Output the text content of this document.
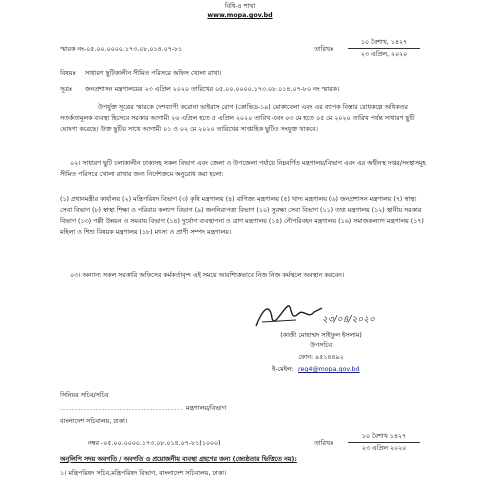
বিধি-৪ শাখা
www.mopa.gov.bd
স্মারক নং-০৫.০০.০০০০.১৭৩.০৮.০১৪.০৭-৮১	তারিখঃ
১০ বৈশাখ, ১৪২৭
২৩ এপ্রিল, ২০২০
বিষয়ঃ সাধারণ ছুটিকালীন সীমিত পরিসরে অফিস খোলা রাখা।
সূত্রঃ জনপ্রশাসন মন্ত্রণালয়ের ২৩ এপ্রিল ২০২০ তারিখের ০৫.০০.০০০০.১৭৩.০৮.০১৪.০৭-৮০ নং স্মারক।
উপর্যুক্ত সূত্রের স্মারকে দেশব্যাপী করোনা ভাইরাস রোগ (কোভিড-১৯) মোকাবেলা এবং এর ব্যাপক বিস্তার রোধকল্পে অধিকতর সতর্কতামূলক ব্যবস্থা হিসেবে সরকার আগামী ২৬ এপ্রিল হতে ৫ এপ্রিল ২০২০ তারিখ এবং ০৩ মে হতে ০৫ মে ২০২০ তারিখ পর্যন্ত সাধারণ ছুটি ঘোষণা করেছে। উক্ত ছুটির সাথে আগামী ০১ ও ০২ মে ২০২০ তারিখের সাপ্তাহিক ছুটিও সংযুক্ত থাকবে।
০২। সাধারণ ছুটি চলাকালীন ঢাকাসহ সকল বিভাগ এবং জেলা ও উপজেলা পর্যায়ে নিম্নবর্ণিত মন্ত্রণালয়/বিভাগ এবং এর অধীনস্থ দপ্তর/সংস্থাসমূহ সীমিত পরিসরে খোলা রাখার জন্য নির্দেশক্রমে অনুরোধ করা হলো:
(১) প্রধানমন্ত্রীর কার্যালয় (২) মন্ত্রিপরিষদ বিভাগ (৩) কৃষি মন্ত্রণালয় (৪) বাণিজ্য মন্ত্রণালয় (৫) খাদ্য মন্ত্রণালয় (৬) জনপ্রশাসন মন্ত্রণালয় (৭) স্বাস্থ্য সেবা বিভাগ (৮) স্বাস্থ্য শিক্ষা ও পরিবার কল্যাণ বিভাগ (৯) জননিরাপত্তা বিভাগ (১০) সুরক্ষা সেবা বিভাগ (১১) তথ্য মন্ত্রণালয় (১২) স্থানীয় সরকার বিভাগ (১৩) পল্লী উন্নয়ন ও সমবায় বিভাগ (১৪) দুর্যোগ ব্যবস্থাপনা ও ত্রাণ মন্ত্রণালয় (১৫) নৌপরিবহন মন্ত্রণালয় (১৬) সমাজকল্যাণ মন্ত্রণালয় (১৭) মহিলা ও শিশু বিষয়ক মন্ত্রণালয় (১৮) মৎস্য ও প্রাণী সম্পদ মন্ত্রণালয়।
০৩। অন্যান্য সকল সরকারি অফিসের কর্মকর্তাবৃন্দ এই সময়ে আবশ্যিকভাবে নিজ নিজ কর্মস্থলে অবস্থান করবেন।
২৩/০৪/২০২০
(কাজী মোহাম্মদ সাইফুল ইসলাম)
উপসচিব
ফোন: ৯৫১৪৪৯২
ই-মেইল: reg4@mopa.gov.bd
সিনিয়র সচিব/সচিব
......................................... মন্ত্রণালয়/বিভাগ
বাংলাদেশ সচিবালয়, ঢাকা।
নম্বর -০৫.০০.০০০০.১৭৩.০৮.০১৪.০৭-৮১(১০০০)	তারিখঃ
১০ বৈশাখ ১৪২৭
২৩ এপ্রিল ২০২০
অনুলিপি সদয় অবগতি / অবগতি ও প্রয়োজনীয় ব্যবস্থা গ্রহণের জন্য (জ্যেষ্ঠতার ভিত্তিতে নয়):
১। মন্ত্রিপরিষদ সচিব,মন্ত্রিপরিষদ বিভাগ, বাংলাদেশ সচিবালয়, ঢাকা।
